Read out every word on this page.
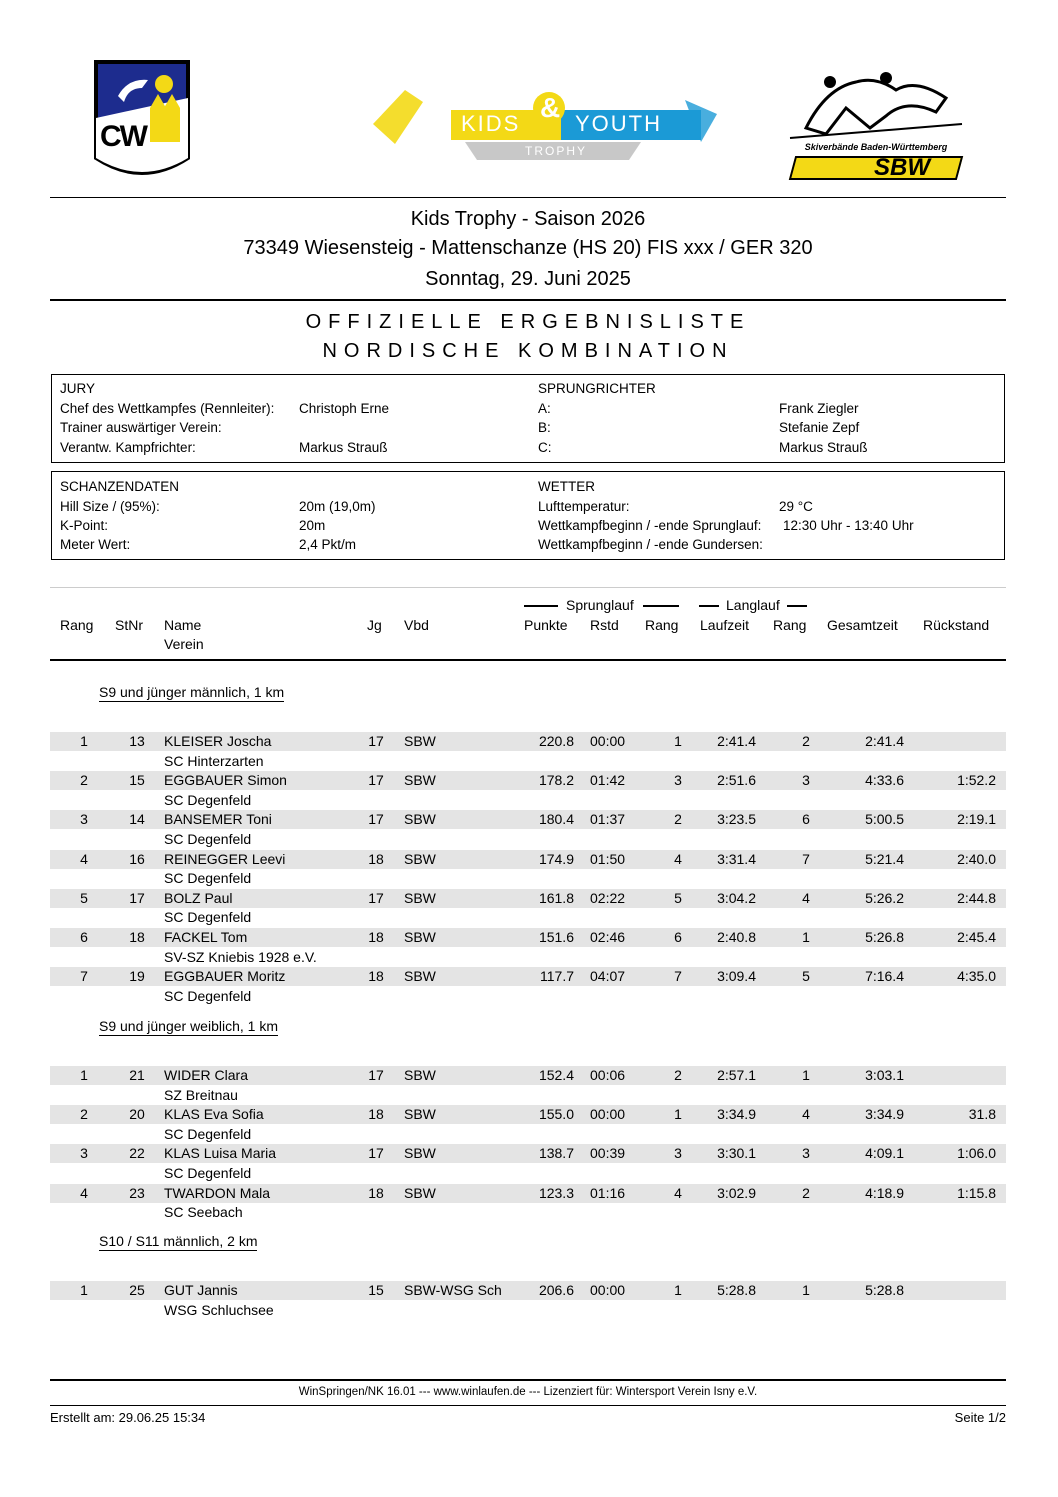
CW	KIDS
&
YOUTH
TROPHY	Skiverbände Baden-Württemberg
SBW
Kids Trophy - Saison 2026
73349 Wiesensteig - Mattenschanze (HS 20) FIS xxx / GER 320
Sonntag, 29. Juni 2025
OFFIZIELLE ERGEBNISLISTE
NORDISCHE KOMBINATION
JURY
Chef des Wettkampfes (Rennleiter): Christoph Erne
Trainer auswärtiger Verein:
Verantw. Kampfrichter:	Markus Strauß
SPRUNGRICHTER
A:	Frank Ziegler
B:	Stefanie Zepf
C:	Markus Strauß
SCHANZENDATEN
Hill Size / (95%):	20m (19,0m)
K-Point:	20m
Meter Wert:	2,4 Pkt/m
WETTER
Lufttemperatur:	29 °C
Wettkampfbeginn / -ende Sprunglauf: 12:30 Uhr - 13:40 Uhr
Wettkampfbeginn / -ende Gundersen:
Sprunglauf	Langlauf
Rang StNr Name
Verein
Jg Vbd	Punkte Rstd Rang Laufzeit Rang Gesamtzeit Rückstand
S9 und jünger männlich, 1 km
1	13	KLEISER Joscha	17	SBW	220.8 00:00	1	2:41.4	2	2:41.4
SC Hinterzarten
2	15	EGGBAUER Simon	17	SBW	178.2 01:42	3	2:51.6	3	4:33.6	1:52.2
SC Degenfeld
3	14	BANSEMER Toni	17	SBW	180.4 01:37	2	3:23.5	6	5:00.5	2:19.1
SC Degenfeld
4	16	REINEGGER Leevi	18	SBW	174.9 01:50	4	3:31.4	7	5:21.4	2:40.0
SC Degenfeld
5	17	BOLZ Paul	17	SBW	161.8 02:22	5	3:04.2	4	5:26.2	2:44.8
SC Degenfeld
6	18	FACKEL Tom	18	SBW	151.6 02:46	6	2:40.8	1	5:26.8	2:45.4
SV-SZ Kniebis 1928 e.V.
7	19	EGGBAUER Moritz	18	SBW	117.7 04:07	7	3:09.4	5	7:16.4	4:35.0
SC Degenfeld
S9 und jünger weiblich, 1 km
1	21	WIDER Clara	17	SBW	152.4 00:06	2	2:57.1	1	3:03.1
SZ Breitnau
2	20	KLAS Eva Sofia	18	SBW	155.0 00:00	1	3:34.9	4	3:34.9	31.8
SC Degenfeld
3	22	KLAS Luisa Maria	17	SBW	138.7 00:39	3	3:30.1	3	4:09.1	1:06.0
SC Degenfeld
4	23	TWARDON Mala	18	SBW	123.3 01:16	4	3:02.9	2	4:18.9	1:15.8
SC Seebach
S10 / S11 männlich, 2 km
1	25	GUT Jannis	15	SBW-WSG Sch	206.6 00:00	1	5:28.8	1	5:28.8
WSG Schluchsee
WinSpringen/NK 16.01 --- www.winlaufen.de --- Lizenziert für: Wintersport Verein Isny e.V.
Erstellt am: 29.06.25 15:34	Seite 1/2
